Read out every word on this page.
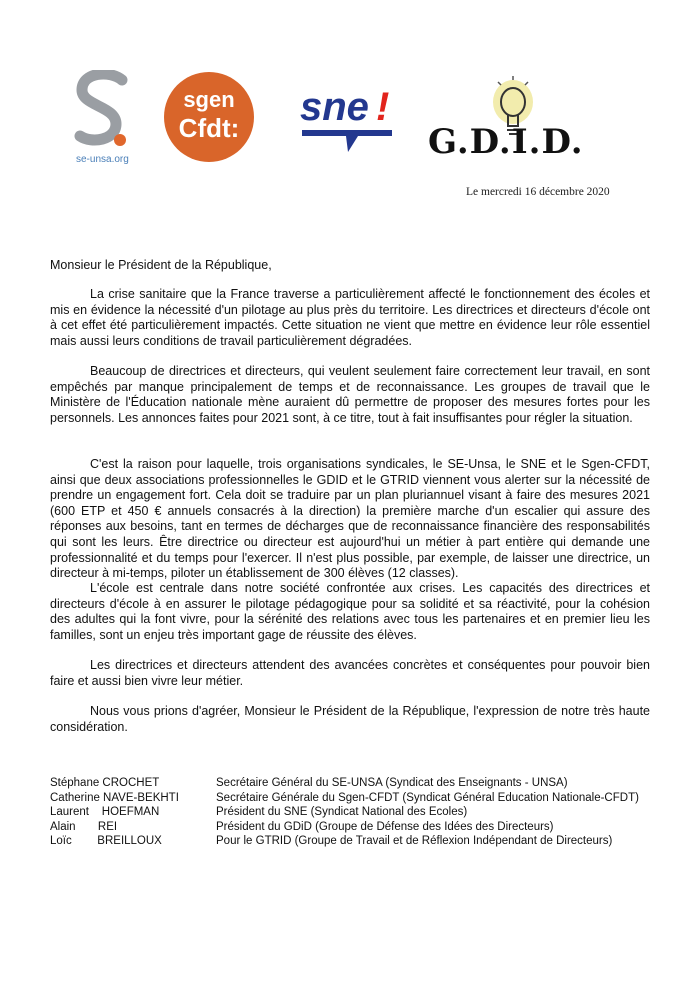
se-unsa.org
sgen
Cfdt:	sne !
G.D.I.D.
Le mercredi 16 décembre 2020
Monsieur le Président de la République,

La crise sanitaire que la France traverse a particulièrement affecté le fonctionnement des écoles et mis en évidence la nécessité d'un pilotage au plus près du territoire. Les directrices et directeurs d'école ont à cet effet été particulièrement impactés. Cette situation ne vient que mettre en évidence leur rôle essentiel mais aussi leurs conditions de travail particulièrement dégradées.

Beaucoup de directrices et directeurs, qui veulent seulement faire correctement leur travail, en sont empêchés par manque principalement de temps et de reconnaissance. Les groupes de travail que le Ministère de l'Éducation nationale mène auraient dû permettre de proposer des mesures fortes pour les personnels. Les annonces faites pour 2021 sont, à ce titre, tout à fait insuffisantes pour régler la situation.

C'est la raison pour laquelle, trois organisations syndicales, le SE-Unsa, le SNE et le Sgen-CFDT, ainsi que deux associations professionnelles le GDID et le GTRID viennent vous alerter sur la nécessité de prendre un engagement fort. Cela doit se traduire par un plan pluriannuel visant à faire des mesures 2021 (600 ETP et 450 € annuels consacrés à la direction) la première marche d'un escalier qui assure des réponses aux besoins, tant en termes de décharges que de reconnaissance financière des responsabilités qui sont les leurs. Être directrice ou directeur est aujourd'hui un métier à part entière qui demande une professionnalité et du temps pour l'exercer. Il n'est plus possible, par exemple, de laisser une directrice, un directeur à mi-temps, piloter un établissement de 300 élèves (12 classes).

L'école est centrale dans notre société confrontée aux crises. Les capacités des directrices et directeurs d'école à en assurer le pilotage pédagogique pour sa solidité et sa réactivité, pour la cohésion des adultes qui la font vivre, pour la sérénité des relations avec tous les partenaires et en premier lieu les familles, sont un enjeu très important gage de réussite des élèves.

Les directrices et directeurs attendent des avancées concrètes et conséquentes pour pouvoir bien faire et aussi bien vivre leur métier.

Nous vous prions d'agréer, Monsieur le Président de la République, l'expression de notre très haute considération.

Stéphane CROCHET	Secrétaire Général du SE-UNSA (Syndicat des Enseignants - UNSA)
Catherine NAVE-BEKHTI	Secrétaire Générale du Sgen-CFDT (Syndicat Général Education Nationale-CFDT)
Laurent    HOEFMAN	Président du SNE (Syndicat National des Ecoles)
Alain       REI	Président du GDiD (Groupe de Défense des Idées des Directeurs)
Loïc        BREILLOUX	Pour le GTRID (Groupe de Travail et de Réflexion Indépendant de Directeurs)
